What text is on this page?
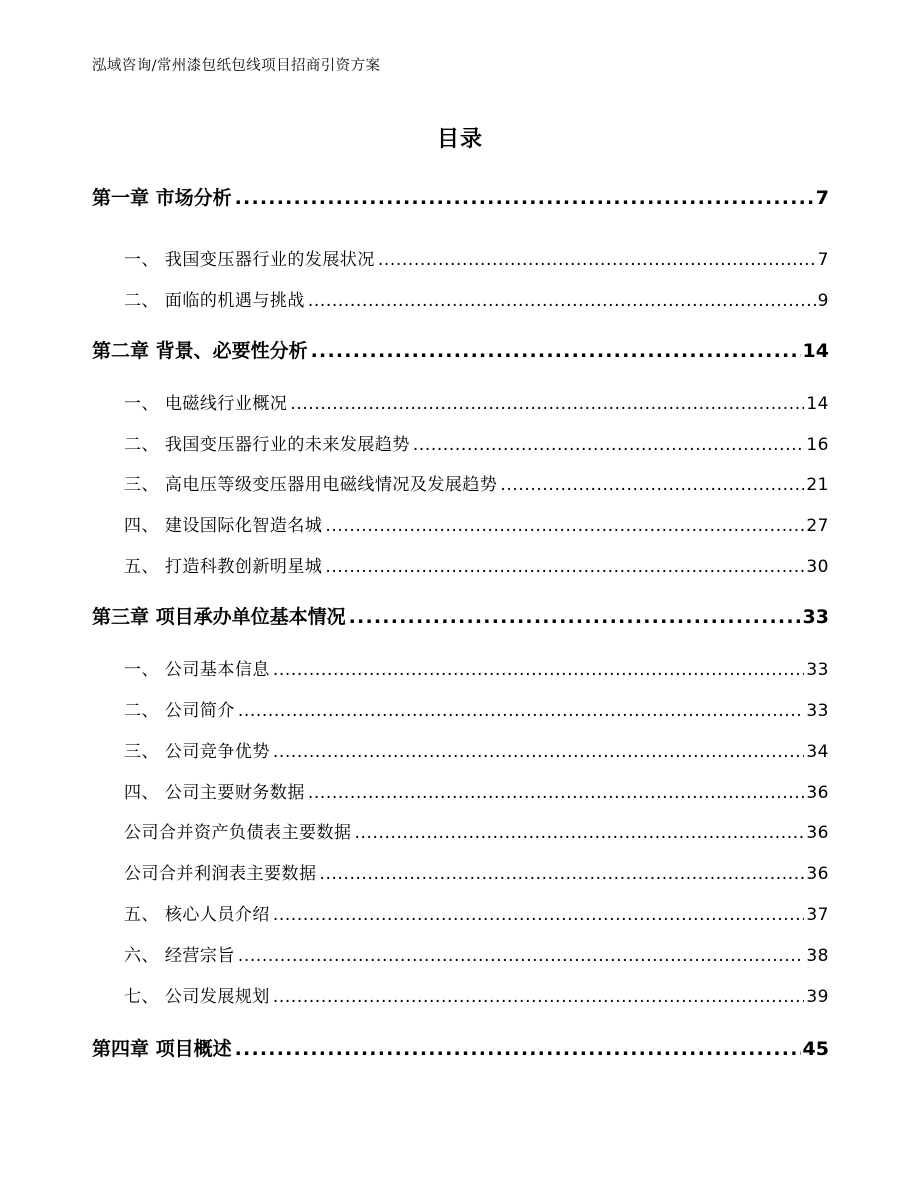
泓域咨询/常州漆包纸包线项目招商引资方案
目录
第一章 市场分析 .....	7
一、 我国变压器行业的发展状况 .....	7
二、 面临的机遇与挑战 .....	9
第二章 背景、必要性分析 .....	14
一、 电磁线行业概况 .....	14
二、 我国变压器行业的未来发展趋势 .....	16
三、 高电压等级变压器用电磁线情况及发展趋势 .....	21
四、 建设国际化智造名城 .....	27
五、 打造科教创新明星城 .....	30
第三章 项目承办单位基本情况 .....	33
一、 公司基本信息 .....	33
二、 公司简介 .....	33
三、 公司竞争优势 .....	34
四、 公司主要财务数据 .....	36
公司合并资产负债表主要数据 .....	36
公司合并利润表主要数据 .....	36
五、 核心人员介绍 .....	37
六、 经营宗旨 .....	38
七、 公司发展规划 .....	39
第四章 项目概述 .....	45
